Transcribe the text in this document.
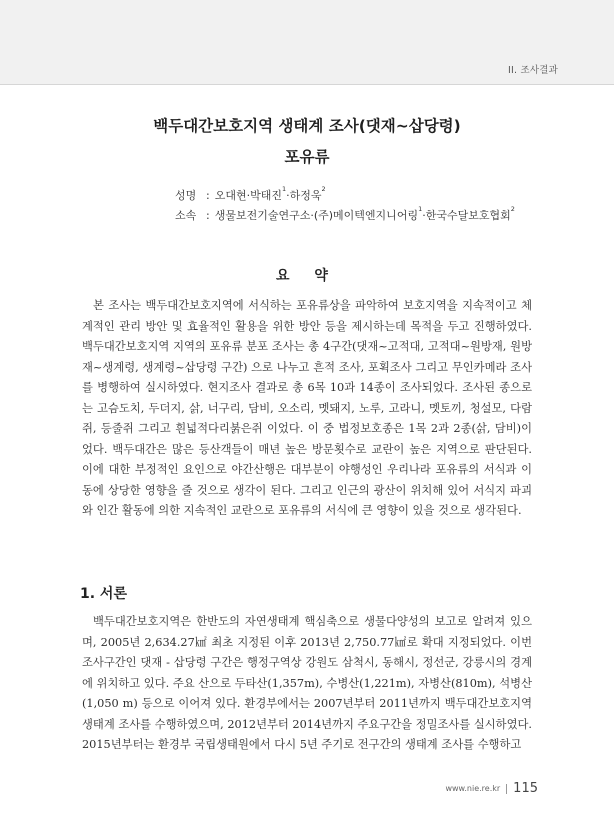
II. 조사결과
백두대간보호지역 생태계 조사(댓재~삽당령)
포유류
성명 : 오대현·박태진$^1$·하정욱$^2$
소속 : 생물보전기술연구소·(주)메이텍엔지니어링$^1$·한국수달보호협회$^2$
요 약

본 조사는 백두대간보호지역에 서식하는 포유류상을 파악하여 보호지역을 지속적이고 체계적인 관리 방안 및 효율적인 활용을 위한 방안 등을 제시하는데 목적을 두고 진행하였다. 백두대간보호지역 지역의 포유류 분포 조사는 총 4구간(댓재~고적대, 고적대~원방재, 원방재~생계령, 생계령~삽당령 구간) 으로 나누고 흔적 조사, 포획조사 그리고 무인카메라 조사를 병행하여 실시하였다. 현지조사 결과로 총 6목 10과 14종이 조사되었다. 조사된 종으로는 고슴도치, 두더지, 삵, 너구리, 담비, 오소리, 멧돼지, 노루, 고라니, 멧토끼, 청설모, 다람쥐, 등줄쥐 그리고 흰넓적다리붉은쥐 이었다. 이 중 법정보호종은 1목 2과 2종(삵, 담비)이었다. 백두대간은 많은 등산객들이 매년 높은 방문횟수로 교란이 높은 지역으로 판단된다. 이에 대한 부정적인 요인으로 야간산행은 대부분이 야행성인 우리나라 포유류의 서식과 이동에 상당한 영향을 줄 것으로 생각이 된다. 그리고 인근의 광산이 위치해 있어 서식지 파괴와 인간 활동에 의한 지속적인 교란으로 포유류의 서식에 큰 영향이 있을 것으로 생각된다.

1. 서론

백두대간보호지역은 한반도의 자연생태계 핵심축으로 생물다양성의 보고로 알려져 있으며, 2005년 2,634.27㎢ 최초 지정된 이후 2013년 2,750.77㎢로 확대 지정되었다. 이번 조사구간인 댓재 - 삽당령 구간은 행정구역상 강원도 삼척시, 동해시, 정선군, 강릉시의 경계에 위치하고 있다. 주요 산으로 두타산(1,357m), 수병산(1,221m), 자병산(810m), 석병산(1,050 m) 등으로 이어져 있다. 환경부에서는 2007년부터 2011년까지 백두대간보호지역 생태계 조사를 수행하였으며, 2012년부터 2014년까지 주요구간을 정밀조사를 실시하였다. 2015년부터는 환경부 국립생태원에서 다시 5년 주기로 전구간의 생태계 조사를 수행하고

www.nie.re.kr 115
